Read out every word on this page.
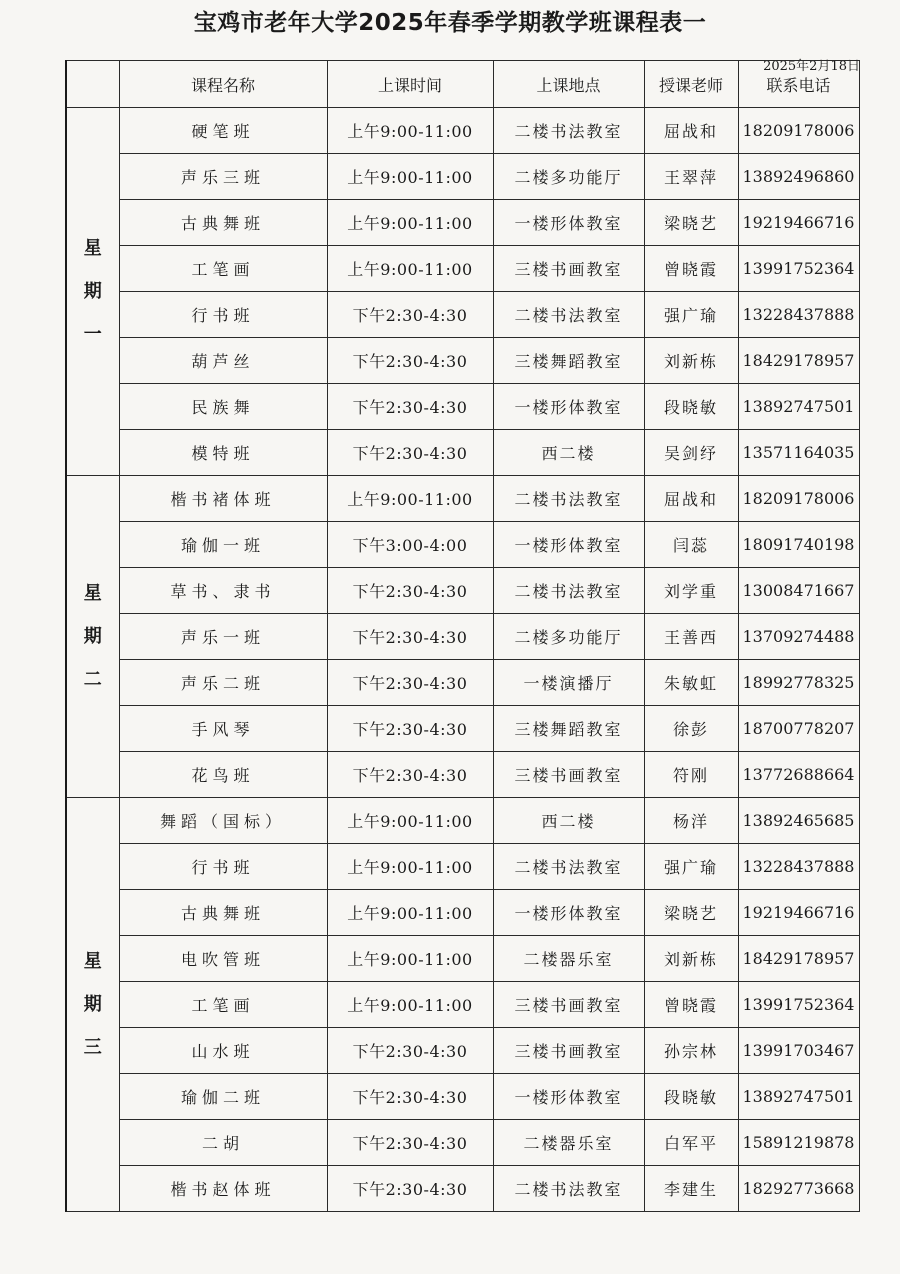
宝鸡市老年大学2025年春季学期教学班课程表一
2025年2月18日
	课程名称	上课时间	上课地点	授课老师	联系电话
星期一	硬笔班	上午9:00-11:00	二楼书法教室	屈战和	18209178006
	声乐三班	上午9:00-11:00	二楼多功能厅	王翠萍	13892496860
	古典舞班	上午9:00-11:00	一楼形体教室	梁晓艺	19219466716
	工笔画	上午9:00-11:00	三楼书画教室	曾晓霞	13991752364
	行书班	下午2:30-4:30	二楼书法教室	强广瑜	13228437888
	葫芦丝	下午2:30-4:30	三楼舞蹈教室	刘新栋	18429178957
	民族舞	下午2:30-4:30	一楼形体教室	段晓敏	13892747501
	模特班	下午2:30-4:30	西二楼	吴剑纾	13571164035
星期二	楷书褚体班	上午9:00-11:00	二楼书法教室	屈战和	18209178006
	瑜伽一班	下午3:00-4:00	一楼形体教室	闫蕊	18091740198
	草书、隶书	下午2:30-4:30	二楼书法教室	刘学重	13008471667
	声乐一班	下午2:30-4:30	二楼多功能厅	王善西	13709274488
	声乐二班	下午2:30-4:30	一楼演播厅	朱敏虹	18992778325
	手风琴	下午2:30-4:30	三楼舞蹈教室	徐彭	18700778207
	花鸟班	下午2:30-4:30	三楼书画教室	符刚	13772688664
星期三	舞蹈（国标）	上午9:00-11:00	西二楼	杨洋	13892465685
	行书班	上午9:00-11:00	二楼书法教室	强广瑜	13228437888
	古典舞班	上午9:00-11:00	一楼形体教室	梁晓艺	19219466716
	电吹管班	上午9:00-11:00	二楼器乐室	刘新栋	18429178957
	工笔画	上午9:00-11:00	三楼书画教室	曾晓霞	13991752364
	山水班	下午2:30-4:30	三楼书画教室	孙宗林	13991703467
	瑜伽二班	下午2:30-4:30	一楼形体教室	段晓敏	13892747501
	二胡	下午2:30-4:30	二楼器乐室	白军平	15891219878
	楷书赵体班	下午2:30-4:30	二楼书法教室	李建生	18292773668
